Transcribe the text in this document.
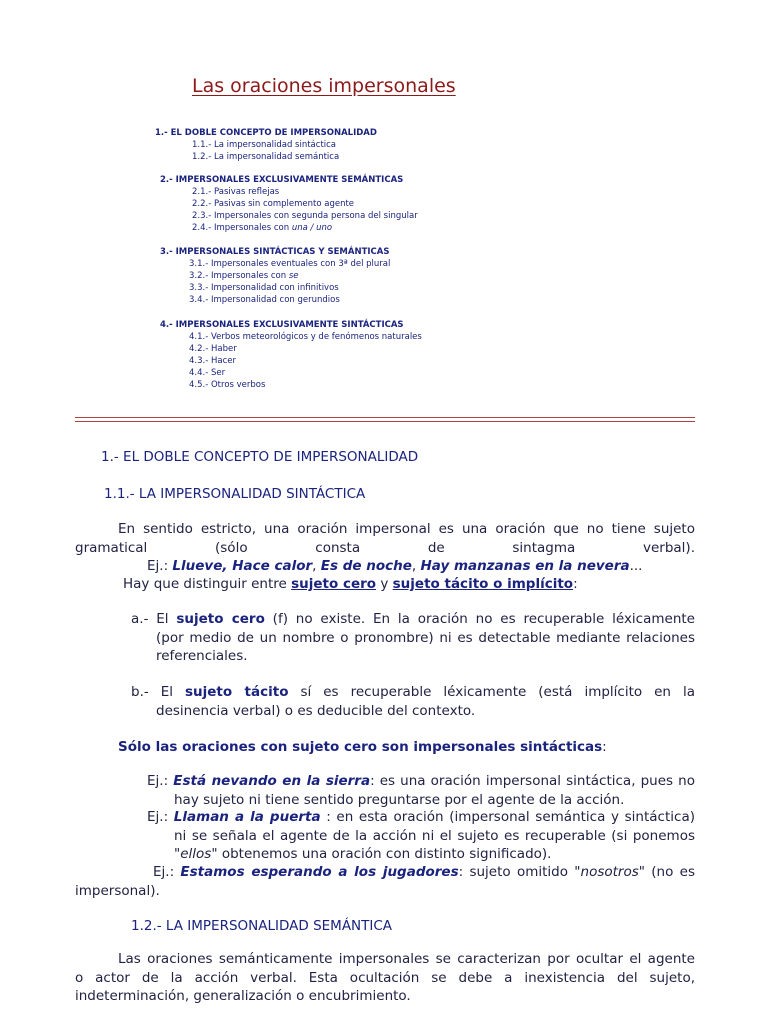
Las oraciones impersonales
1.- EL DOBLE CONCEPTO DE IMPERSONALIDAD
1.1.- La impersonalidad sintáctica
1.2.- La impersonalidad semántica
2.- IMPERSONALES EXCLUSIVAMENTE SEMÁNTICAS
2.1.- Pasivas reflejas
2.2.- Pasivas sin complemento agente
2.3.- Impersonales con segunda persona del singular
2.4.- Impersonales con una / uno
3.- IMPERSONALES SINTÁCTICAS Y SEMÁNTICAS
3.1.- Impersonales eventuales con 3ª del plural
3.2.- Impersonales con se
3.3.- Impersonalidad con infinitivos
3.4.- Impersonalidad con gerundios
4.- IMPERSONALES EXCLUSIVAMENTE SINTÁCTICAS
4.1.- Verbos meteorológicos y de fenómenos naturales
4.2.- Haber
4.3.- Hacer
4.4.- Ser
4.5.- Otros verbos
1.- EL DOBLE CONCEPTO DE IMPERSONALIDAD
1.1.- LA IMPERSONALIDAD SINTÁCTICA
En sentido estricto, una oración impersonal es una oración que no tiene sujeto gramatical (sólo consta de sintagma verbal).
Ej.: Llueve, Hace calor, Es de noche, Hay manzanas en la nevera...
Hay que distinguir entre sujeto cero y sujeto tácito o implícito:
a.- El sujeto cero (f) no existe. En la oración no es recuperable léxicamente
(por medio de un nombre o pronombre) ni es detectable mediante relaciones
referenciales.
b.- El sujeto tácito sí es recuperable léxicamente (está implícito en la
desinencia verbal) o es deducible del contexto.
Sólo las oraciones con sujeto cero son impersonales sintácticas:
Ej.: Está nevando en la sierra: es una oración impersonal sintáctica, pues no
hay sujeto ni tiene sentido preguntarse por el agente de la acción.
Ej.: Llaman a la puerta : en esta oración (impersonal semántica y sintáctica)
ni se señala el agente de la acción ni el sujeto es recuperable (si ponemos
"ellos" obtenemos una oración con distinto significado).
Ej.: Estamos esperando a los jugadores: sujeto omitido "nosotros" (no es
impersonal).
1.2.- LA IMPERSONALIDAD SEMÁNTICA
Las oraciones semánticamente impersonales se caracterizan por ocultar el agente
o actor de la acción verbal. Esta ocultación se debe a inexistencia del sujeto,
indeterminación, generalización o encubrimiento.
